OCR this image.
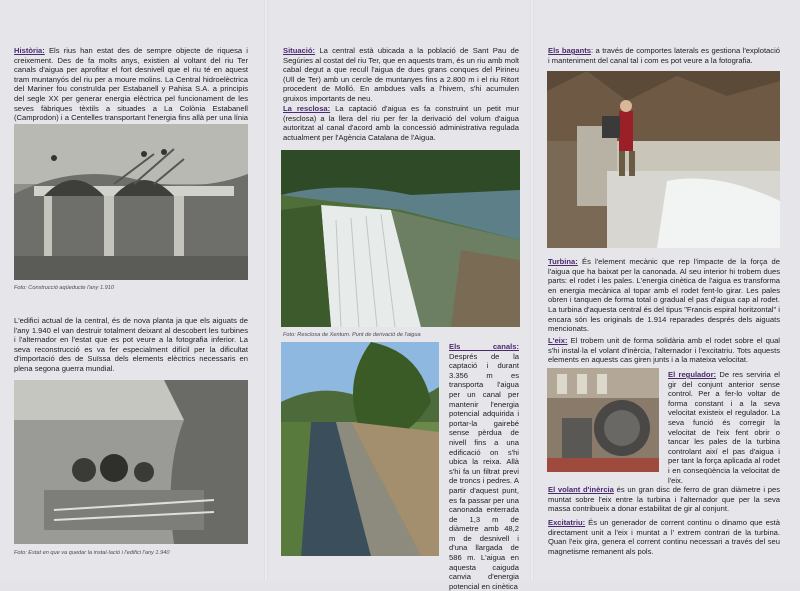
Història: Els rius han estat des de sempre objecte de riquesa i creixement. Des de fa molts anys, existien al voltant del riu Ter canals d'aigua per aprofitar el fort desnivell que el riu té en aquest tram muntanyós del riu per a moure molins. La Central hidroelèctrica del Mariner fou construïda per Estabanell y Pahisa S.A. a principis del segle XX per generar energia elèctrica pel funcionament de les seves fàbriques tèxtils a situades a La Colònia Estabanell (Camprodon) i a Centelles transportant l'energia fins allà per una línia
Foto: Construcció aqüeducte l'any 1.910
L'edifici actual de la central, és de nova planta ja que els aiguats de l'any 1.940 el van destruir totalment deixant al descobert les turbines i l'alternador en l'estat que es pot veure a la fotografia inferior. La seva reconstrucció es va fer especialment difícil per la dificultat d'importació des de Suïssa dels elements elèctrics necessaris en plena segona guerra mundial.
Foto: Estat en que va quedar la instal·lació i l'edifici l'any 1.940
Situació: La central està ubicada a la població de Sant Pau de Segúries al costat del riu Ter, que en aquests tram, és un riu amb molt cabal degut a que recull l'aigua de dues grans conques del Pirineu (Ull de Ter) amb un cercle de muntanyes fins a 2.800 m i el riu Ritort procedent de Molló. En ambdues valls a l'hivern, s'hi acumulen gruixos importants de neu.
La resclosa: La captació d'aigua es fa construint un petit mur (resclosa) a la llera del riu per fer la derivació del volum d'aigua autoritzat al canal d'acord amb la concessió administrativa regulada actualment per l'Agència Catalana de l'Aigua.
Foto: Resclosa de Xentum. Punt de derivació de l'aigua
Els canals: Després de la captació i durant 3.356 m es transporta l'aigua per un canal per mantenir l'energia potencial adquirida i portar-la gairebé sense pèrdua de nivell fins a una edificació on s'hi ubica la reixa. Allà s'hi fa un filtrat previ de troncs i pedres. A partir d'aquest punt, es fa passar per una canonada enterrada de 1,3 m de diàmetre amb 48,2 m de desnivell i d'una llargada de 586 m. L'aigua en aquesta caiguda canvia d'energia potencial en cinètica
Els bagants: a través de comportes laterals es gestiona l'explotació i manteniment del canal tal i com es pot veure a la fotografia.
Turbina: És l'element mecànic que rep l'impacte de la força de l'aigua que ha baixat per la canonada. Al seu interior hi trobem dues parts: el rodet i les pales. L'energia cinètica de l'aigua es transforma en energia mecànica al topar amb el rodet fent-lo girar. Les pales obren i tanquen de forma total o gradual el pas d'aigua cap al rodet. La turbina d'aquesta central és del tipus "Francis espiral horitzontal" i encara són les originals de 1.914 reparades després dels aiguats mencionats.
L'eix: El trobem unit de forma solidària amb el rodet sobre el qual s'hi instal·la el volant d'inèrcia, l'alternador i l'excitatriu. Tots aquests elements en aquests cas giren junts i a la mateixa velocitat.
El regulador: De res serviria el gir del conjunt anterior sense control. Per a fer-lo voltar de forma constant i a la seva velocitat existeix el regulador. La seva funció és corregir la velocitat de l'eix fent obrir o tancar les pales de la turbina controlant així el pas d'aigua i per tant la força aplicada al rodet i en conseqüència la velocitat de l'eix.
El volant d'inèrcia és un gran disc de ferro de gran diàmetre i pes muntat sobre l'eix entre la turbina i l'alternador que per la seva massa contribueix a donar estabilitat de gir al conjunt.
Excitatriu: És un generador de corrent continu o dinamo que està directament unit a l'eix i muntat a l' extrem contrari de la turbina. Quan l'eix gira, genera el corrent continu necessari a través del seu magnetisme remanent als pols.
